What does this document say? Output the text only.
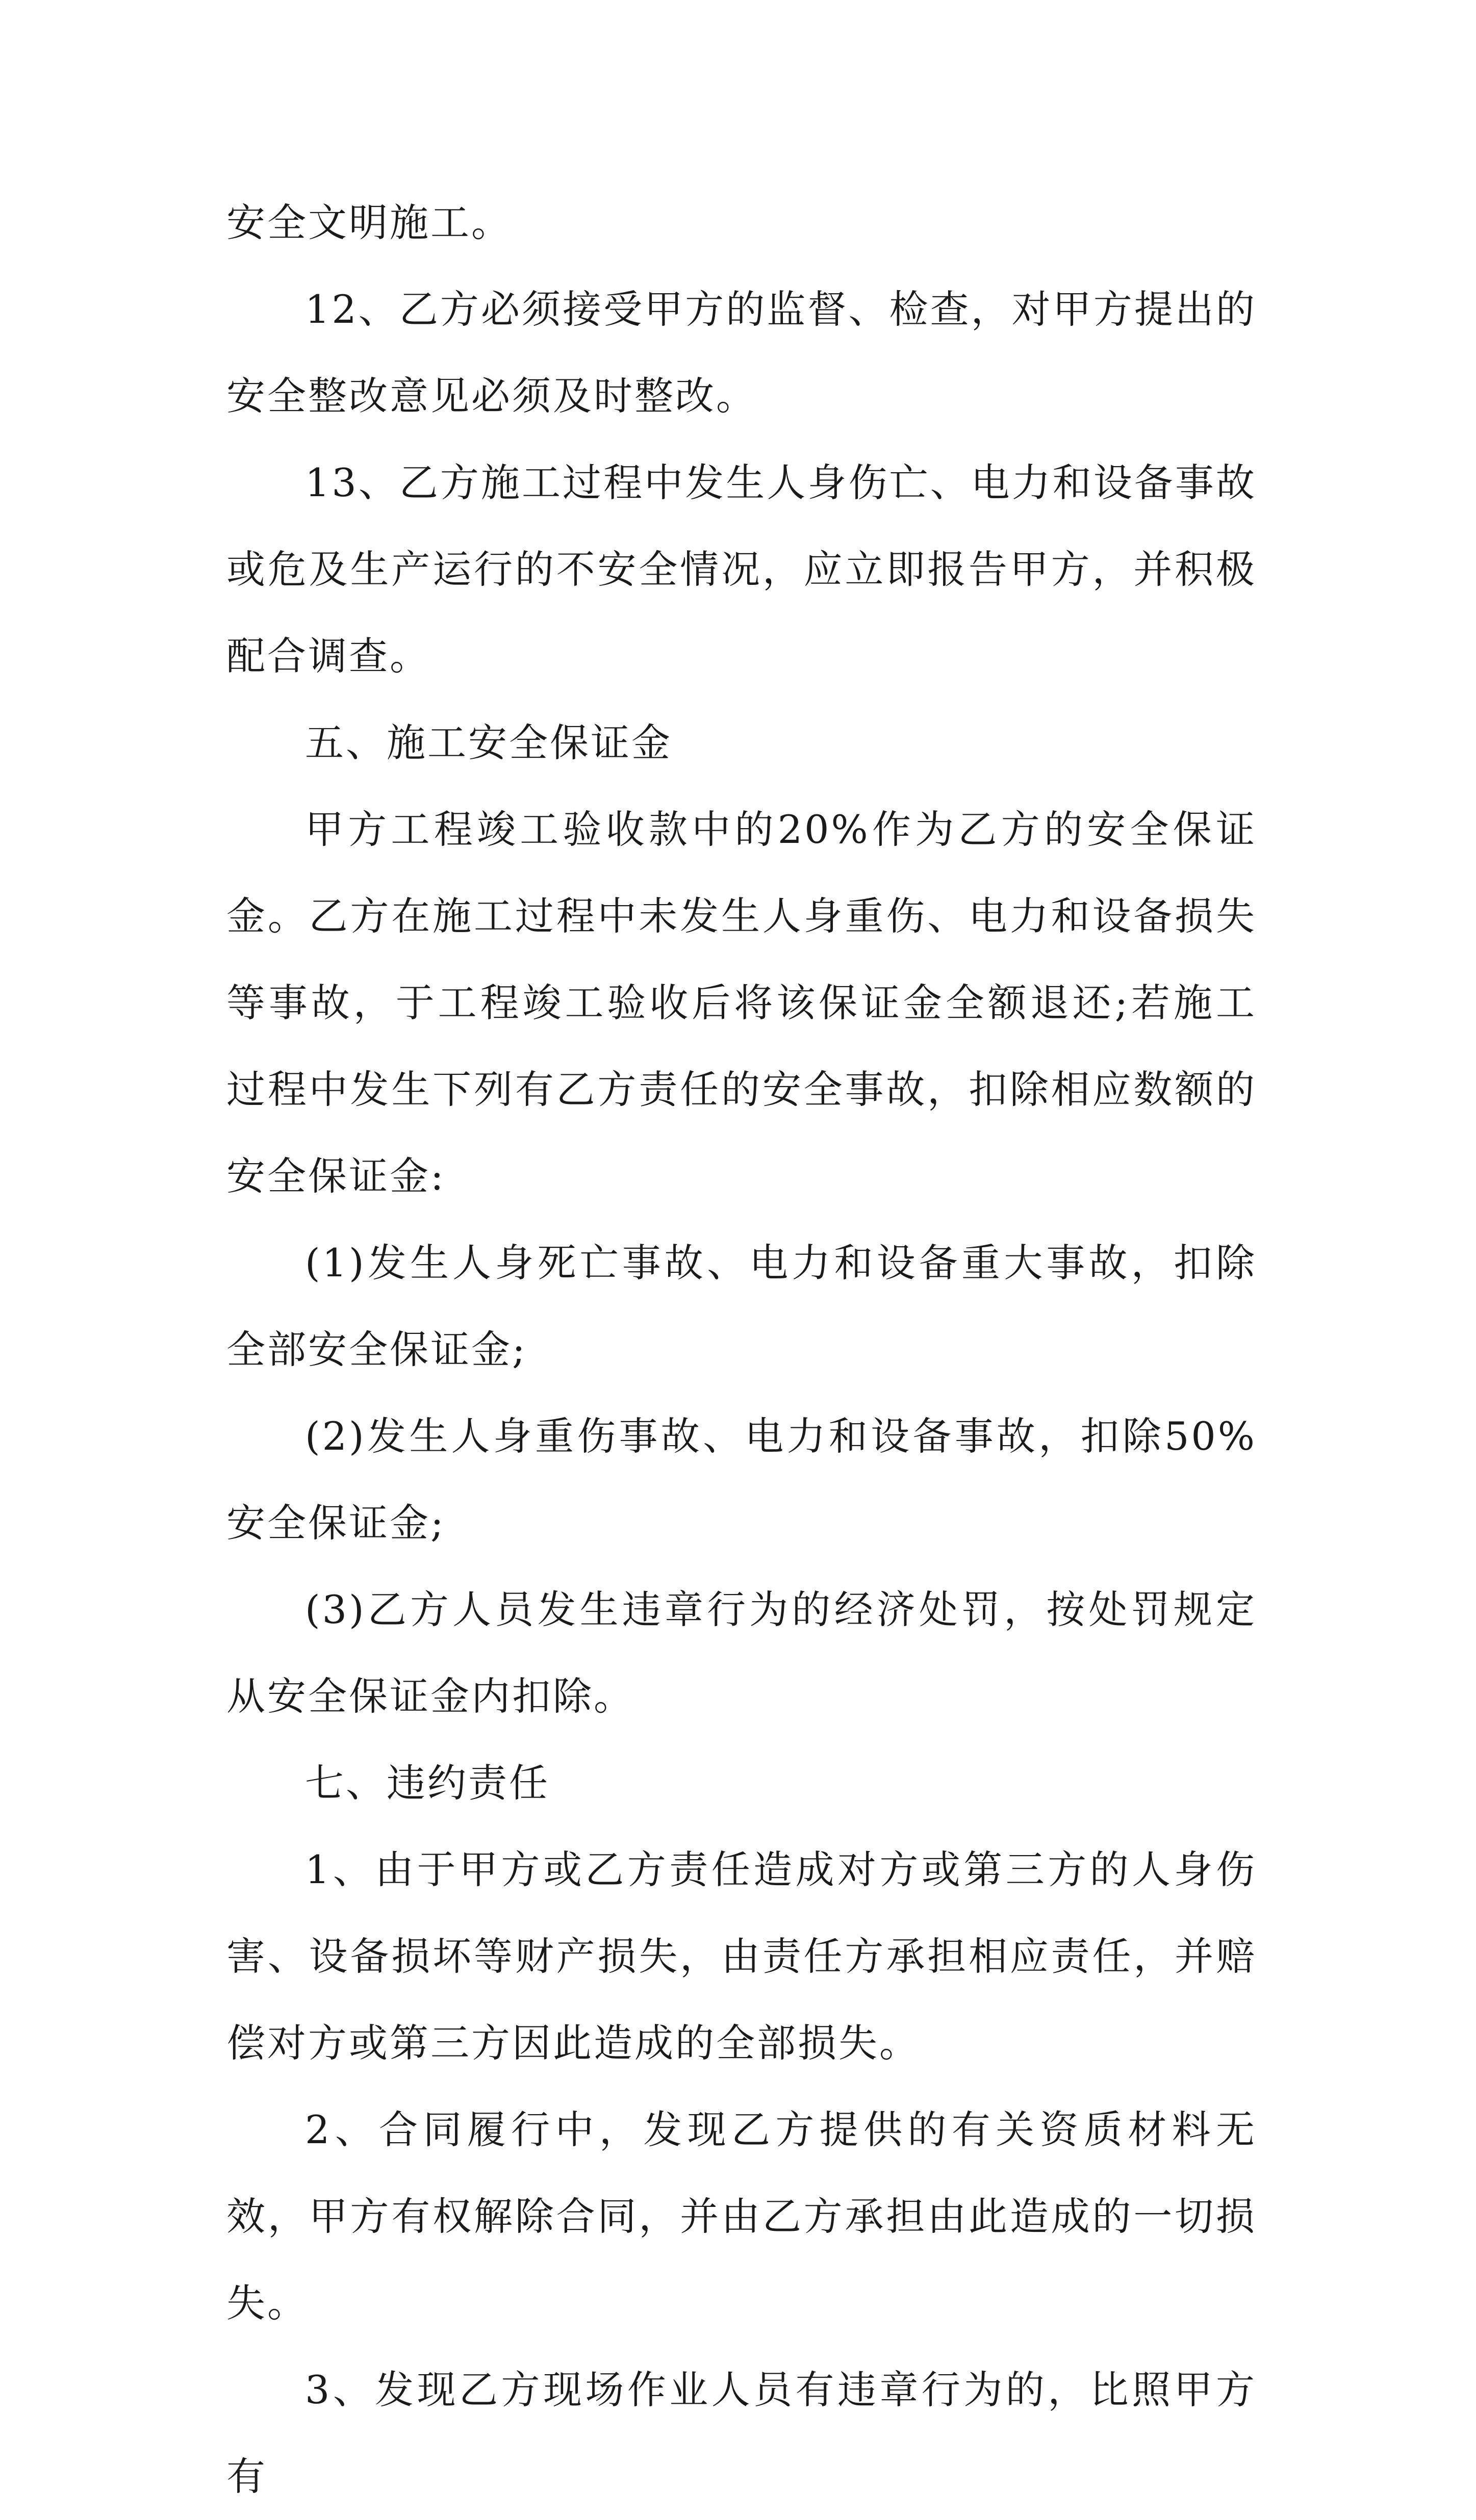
安全文明施工。

12、乙方必须接受甲方的监督、检查，对甲方提出的安全整改意见必须及时整改。

13、乙方施工过程中发生人身伤亡、电力和设备事故或危及生产运行的不安全情况，应立即报告甲方，并积极配合调查。

五、施工安全保证金

甲方工程竣工验收款中的20%作为乙方的安全保证金。乙方在施工过程中未发生人身重伤、电力和设备损失等事故，于工程竣工验收后将该保证金全额退还;若施工过程中发生下列有乙方责任的安全事故，扣除相应数额的安全保证金:

(1)发生人身死亡事故、电力和设备重大事故，扣除全部安全保证金;

(2)发生人身重伤事故、电力和设备事故，扣除50%安全保证金;

(3)乙方人员发生违章行为的经济处罚，按处罚规定从安全保证金内扣除。

七、违约责任

1、由于甲方或乙方责任造成对方或第三方的人身伤害、设备损坏等财产损失，由责任方承担相应责任，并赔偿对方或第三方因此造成的全部损失。

2、合同履行中，发现乙方提供的有关资质材料无效，甲方有权解除合同，并由乙方承担由此造成的一切损失。

3、发现乙方现场作业人员有违章行为的，比照甲方有
